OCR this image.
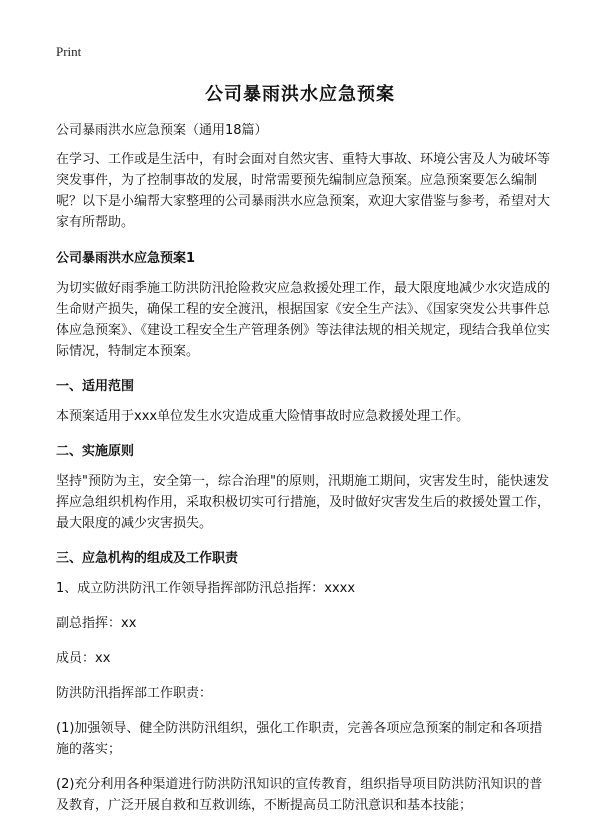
Print
公司暴雨洪水应急预案

公司暴雨洪水应急预案（通用18篇）

在学习、工作或是生活中，有时会面对自然灾害、重特大事故、环境公害及人为破坏等突发事件，为了控制事故的发展，时常需要预先编制应急预案。应急预案要怎么编制呢？以下是小编帮大家整理的公司暴雨洪水应急预案，欢迎大家借鉴与参考，希望对大家有所帮助。

公司暴雨洪水应急预案1

为切实做好雨季施工防洪防汛抢险救灾应急救援处理工作，最大限度地减少水灾造成的生命财产损失，确保工程的安全渡汛，根据国家《安全生产法》、《国家突发公共事件总体应急预案》、《建设工程安全生产管理条例》等法律法规的相关规定，现结合我单位实际情况，特制定本预案。

一、适用范围

本预案适用于xxx单位发生水灾造成重大险情事故时应急救援处理工作。

二、实施原则

坚持"预防为主，安全第一，综合治理"的原则，汛期施工期间，灾害发生时，能快速发挥应急组织机构作用，采取积极切实可行措施，及时做好灾害发生后的救援处置工作，最大限度的减少灾害损失。

三、应急机构的组成及工作职责

1、成立防洪防汛工作领导指挥部防汛总指挥：xxxx

副总指挥：xx

成员：xx

防洪防汛指挥部工作职责：

(1)加强领导、健全防洪防汛组织，强化工作职责，完善各项应急预案的制定和各项措施的落实；

(2)充分利用各种渠道进行防洪防汛知识的宣传教育，组织指导项目防洪防汛知识的普及教育，广泛开展自救和互救训练，不断提高员工防汛意识和基本技能；
